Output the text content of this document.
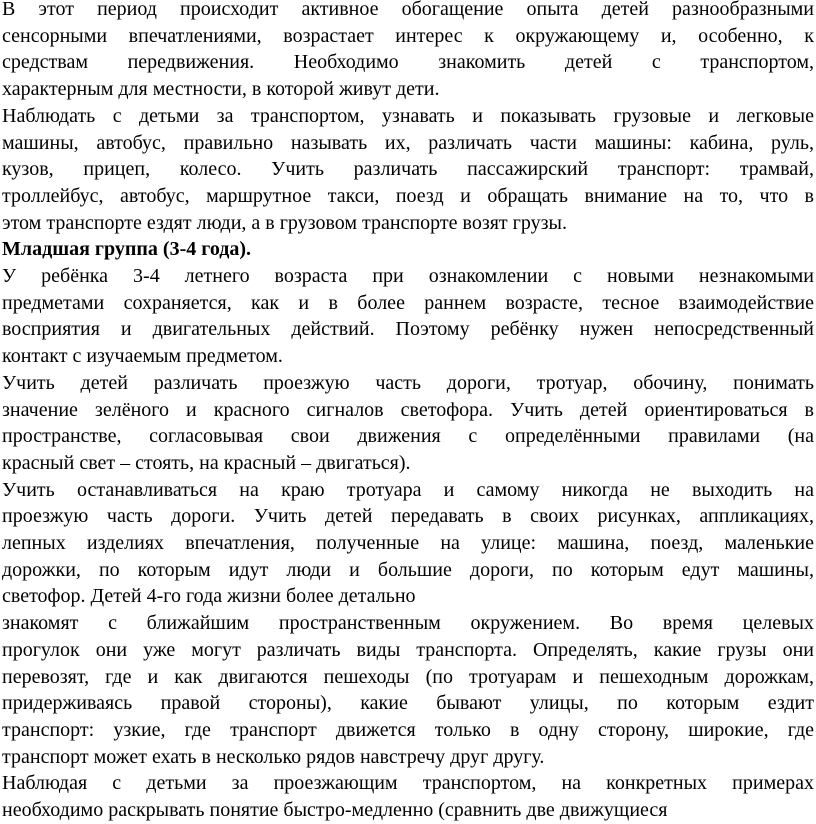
В этот период происходит активное обогащение опыта детей разнообразными
сенсорными впечатлениями, возрастает интерес к окружающему и, особенно, к
средствам передвижения. Необходимо знакомить детей с транспортом,
характерным для местности, в которой живут дети.
Наблюдать с детьми за транспортом, узнавать и показывать грузовые и легковые
машины, автобус, правильно называть их, различать части машины: кабина, руль,
кузов, прицеп, колесо. Учить различать пассажирский транспорт: трамвай,
троллейбус, автобус, маршрутное такси, поезд и обращать внимание на то, что в
этом транспорте ездят люди, а в грузовом транспорте возят грузы.
Младшая группа (3-4 года).
У ребёнка 3-4 летнего возраста при ознакомлении с новыми незнакомыми
предметами сохраняется, как и в более раннем возрасте, тесное взаимодействие
восприятия и двигательных действий. Поэтому ребёнку нужен непосредственный
контакт с изучаемым предметом.
Учить детей различать проезжую часть дороги, тротуар, обочину, понимать
значение зелёного и красного сигналов светофора. Учить детей ориентироваться в
пространстве, согласовывая свои движения с определёнными правилами (на
красный свет – стоять, на красный – двигаться).
Учить останавливаться на краю тротуара и самому никогда не выходить на
проезжую часть дороги. Учить детей передавать в своих рисунках, аппликациях,
лепных изделиях впечатления, полученные на улице: машина, поезд, маленькие
дорожки, по которым идут люди и большие дороги, по которым едут машины,
светофор. Детей 4-го года жизни более детально
знакомят с ближайшим пространственным окружением. Во время целевых
прогулок они уже могут различать виды транспорта. Определять, какие грузы они
перевозят, где и как двигаются пешеходы (по тротуарам и пешеходным дорожкам,
придерживаясь правой стороны), какие бывают улицы, по которым ездит
транспорт: узкие, где транспорт движется только в одну сторону, широкие, где
транспорт может ехать в несколько рядов навстречу друг другу.
Наблюдая с детьми за проезжающим транспортом, на конкретных примерах
необходимо раскрывать понятие быстро-медленно (сравнить две движущиеся
